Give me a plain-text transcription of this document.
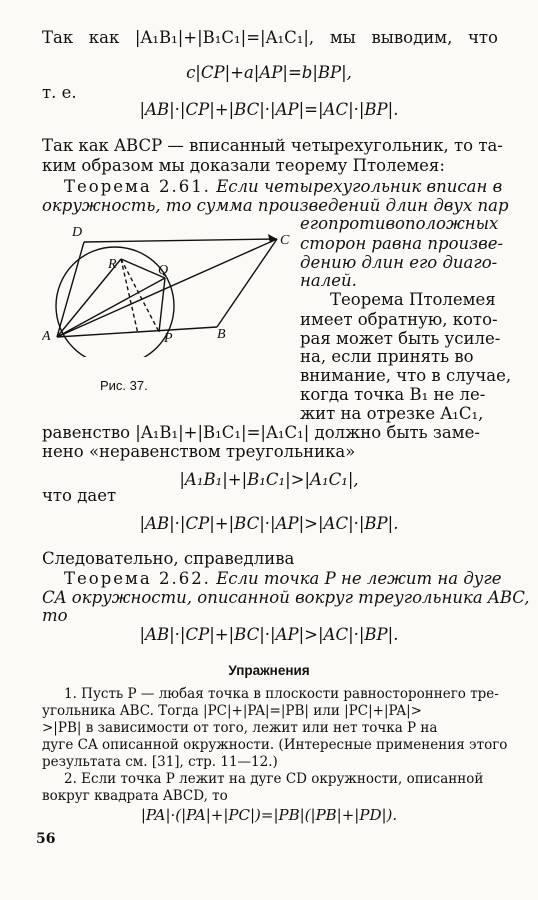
Так как |A₁B₁|+|B₁C₁|=|A₁C₁|, мы выводим, что
c|CP|+a|AP|=b|BP|,
т. е.
|AB|·|CP|+|BC|·|AP|=|AC|·|BP|.
Так как ABCP — вписанный четырехугольник, то та-
ким образом мы доказали теорему Птолемея:
Теорема 2.61. Если четырехугольник вписан в
окружность, то сумма произведений длин двух пар
его противоположных
сторон равна произве-
дению длин его диаго-
налей.
Теорема Птолемея
имеет обратную, кото-
рая может быть усиле-
на, если принять во
внимание, что в случае,
когда точка B₁ не ле-
жит на отрезке A₁C₁,
равенство |A₁B₁|+|B₁C₁|=|A₁C₁| должно быть заме-
нено «неравенством треугольника»
|A₁B₁|+|B₁C₁|>|A₁C₁|,
что дает
|AB|·|CP|+|BC|·|AP|>|AC|·|BP|.
Следовательно, справедлива
Теорема 2.62. Если точка P не лежит на дуге
CA окружности, описанной вокруг треугольника ABC,
то
|AB|·|CP|+|BC|·|AP|>|AC|·|BP|.
Упражнения
1. Пусть P — любая точка в плоскости равностороннего тре-
угольника ABC. Тогда |PC|+|PA|=|PB| или |PC|+|PA|>
>|PB| в зависимости от того, лежит или нет точка P на
дуге CA описанной окружности. (Интересные применения этого
результата см. [31], стр. 11—12.)
2. Если точка P лежит на дуге CD окружности, описанной
вокруг квадрата ABCD, то
|PA|·(|PA|+|PC|)=|PB|(|PB|+|PD|).
56
D
C
R	Q
A	P	B
Рис. 37.
